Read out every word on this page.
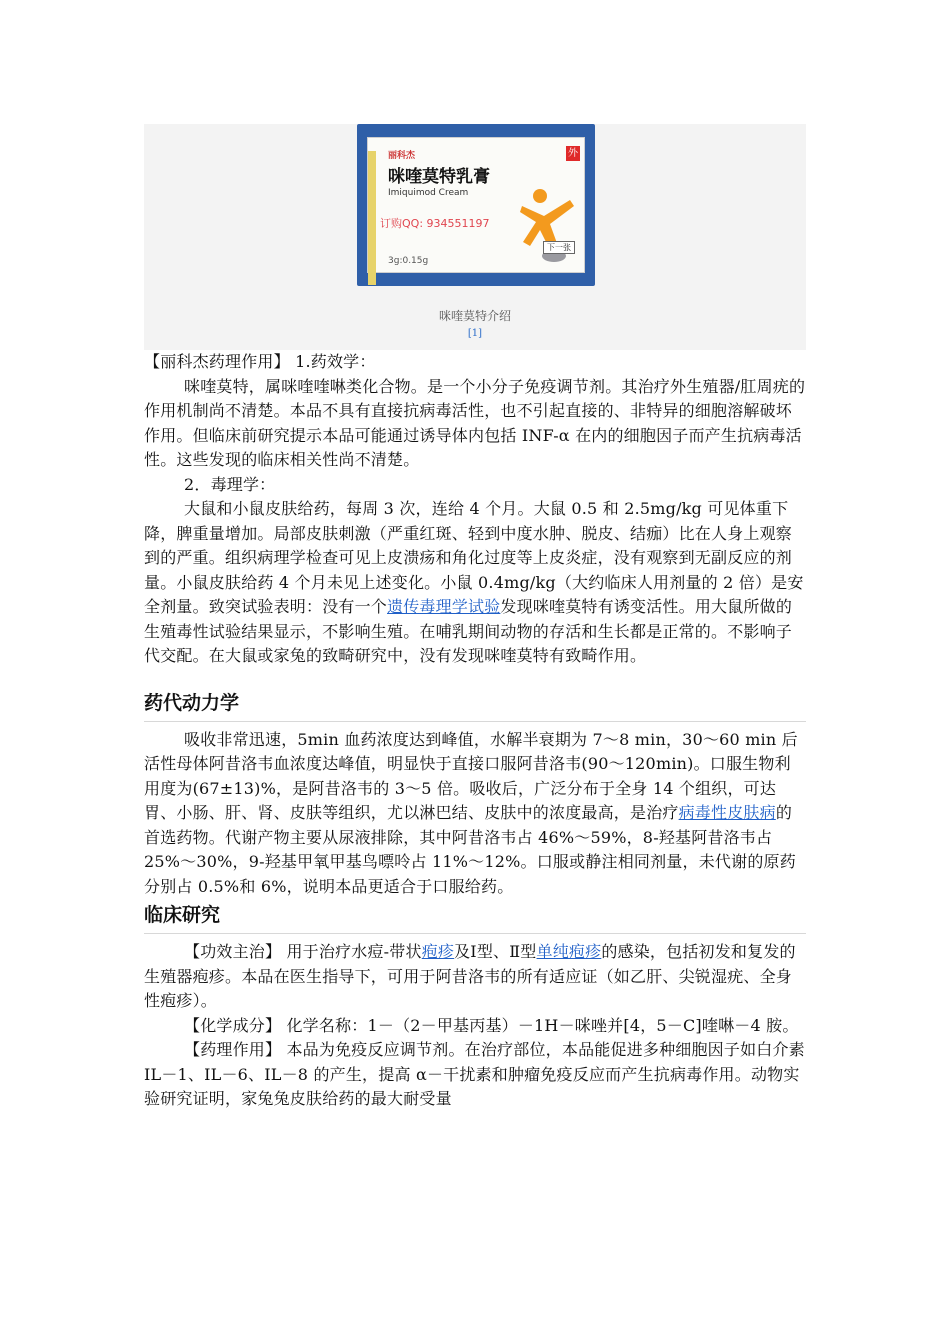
丽科杰
咪喹莫特乳膏
Imiquimod Cream
订购QQ: 934551197
3g:0.15g
外
下一张
咪喹莫特介绍
[1]

【丽科杰药理作用】 1.药效学：

咪喹莫特，属咪喹喹啉类化合物。是一个小分子免疫调节剂。其治疗外生殖器/肛周疣的作用机制尚不清楚。本品不具有直接抗病毒活性，也不引起直接的、非特异的细胞溶解破坏作用。但临床前研究提示本品可能通过诱导体内包括 INF-α 在内的细胞因子而产生抗病毒活性。这些发现的临床相关性尚不清楚。

2．毒理学：

大鼠和小鼠皮肤给药，每周 3 次，连给 4 个月。大鼠 0.5 和 2.5mg/kg 可见体重下降，脾重量增加。局部皮肤刺激（严重红斑、轻到中度水肿、脱皮、结痂）比在人身上观察到的严重。组织病理学检查可见上皮溃疡和角化过度等上皮炎症，没有观察到无副反应的剂量。小鼠皮肤给药 4 个月未见上述变化。小鼠 0.4mg/kg（大约临床人用剂量的 2 倍）是安全剂量。致突试验表明：没有一个遗传毒理学试验发现咪喹莫特有诱变活性。用大鼠所做的生殖毒性试验结果显示，不影响生殖。在哺乳期间动物的存活和生长都是正常的。不影响子代交配。在大鼠或家兔的致畸研究中，没有发现咪喹莫特有致畸作用。

药代动力学

吸收非常迅速，5min 血药浓度达到峰值，水解半衰期为 7～8 min，30～60 min 后活性母体阿昔洛韦血浓度达峰值，明显快于直接口服阿昔洛韦(90～120min)。口服生物利用度为(67±13)%，是阿昔洛韦的 3～5 倍。吸收后，广泛分布于全身 14 个组织，可达胃、小肠、肝、肾、皮肤等组织，尤以淋巴结、皮肤中的浓度最高，是治疗病毒性皮肤病的首选药物。代谢产物主要从尿液排除，其中阿昔洛韦占 46%～59%，8-羟基阿昔洛韦占 25%～30%，9-羟基甲氧甲基鸟嘌呤占 11%～12%。口服或静注相同剂量，未代谢的原药分别占 0.5%和 6%，说明本品更适合于口服给药。

临床研究

【功效主治】 用于治疗水痘-带状疱疹及Ⅰ型、Ⅱ型单纯疱疹的感染，包括初发和复发的生殖器疱疹。本品在医生指导下，可用于阿昔洛韦的所有适应证（如乙肝、尖锐湿疣、全身性疱疹）。

【化学成分】 化学名称：1－（2－甲基丙基）－1H－咪唑并[4，5－C]喹啉－4 胺。

【药理作用】 本品为免疫反应调节剂。在治疗部位，本品能促进多种细胞因子如白介素 IL－1、IL－6、IL－8 的产生，提高 α－干扰素和肿瘤免疫反应而产生抗病毒作用。动物实验研究证明，家兔兔皮肤给药的最大耐受量
